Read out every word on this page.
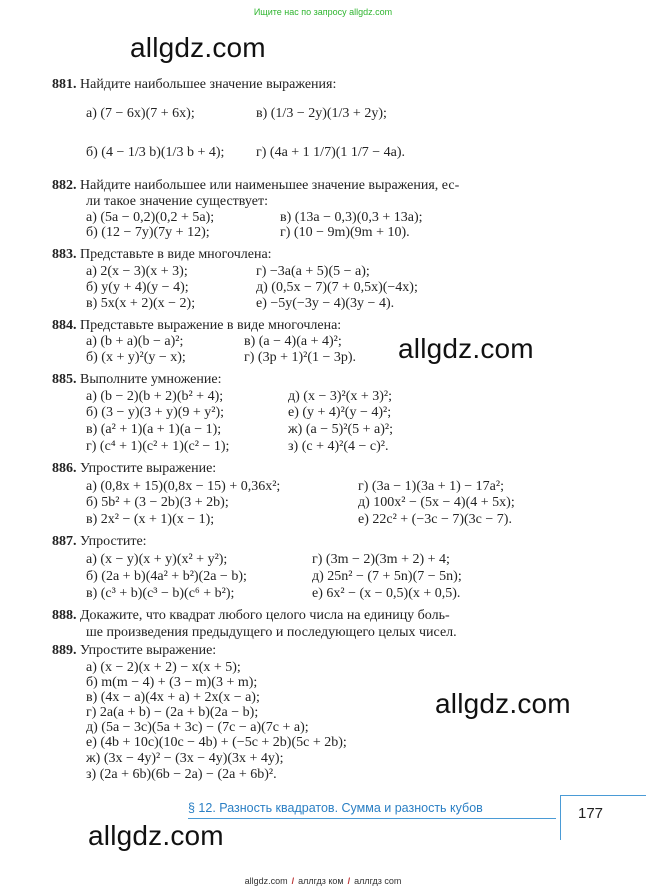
Ищите нас по запросу allgdz.com
allgdz.com
allgdz.com
allgdz.com
allgdz.com
881. Найдите наибольшее значение выражения:
а) (7 − 6x)(7 + 6x);	в) (1/3 − 2y)(1/3 + 2y);
б) (4 − 1/3 b)(1/3 b + 4); г) (4a + 1 1/7)(1 1/7 − 4a).
882. Найдите наибольшее или наименьшее значение выражения, ес-
ли такое значение существует:
а) (5a − 0,2)(0,2 + 5a);	в) (13a − 0,3)(0,3 + 13a);
б) (12 − 7y)(7y + 12);	г) (10 − 9m)(9m + 10).
883. Представьте в виде многочлена:
а) 2(x − 3)(x + 3);	г) −3a(a + 5)(5 − a);
б) y(y + 4)(y − 4);	д) (0,5x − 7)(7 + 0,5x)(−4x);
в) 5x(x + 2)(x − 2);	е) −5y(−3y − 4)(3y − 4).
884. Представьте выражение в виде многочлена:
а) (b + a)(b − a)²;	в) (a − 4)(a + 4)²;
б) (x + y)²(y − x);	г) (3p + 1)²(1 − 3p).
885. Выполните умножение:
а) (b − 2)(b + 2)(b² + 4);	д) (x − 3)²(x + 3)²;
б) (3 − y)(3 + y)(9 + y²);	е) (y + 4)²(y − 4)²;
в) (a² + 1)(a + 1)(a − 1);	ж) (a − 5)²(5 + a)²;
г) (c⁴ + 1)(c² + 1)(c² − 1);	з) (c + 4)²(4 − c)².
886. Упростите выражение:
а) (0,8x + 15)(0,8x − 15) + 0,36x²;	г) (3a − 1)(3a + 1) − 17a²;
б) 5b² + (3 − 2b)(3 + 2b);	д) 100x² − (5x − 4)(4 + 5x);
в) 2x² − (x + 1)(x − 1);	е) 22c² + (−3c − 7)(3c − 7).
887. Упростите:
а) (x − y)(x + y)(x² + y²);	г) (3m − 2)(3m + 2) + 4;
б) (2a + b)(4a² + b²)(2a − b);	д) 25n² − (7 + 5n)(7 − 5n);
в) (c³ + b)(c³ − b)(c⁶ + b²);	е) 6x² − (x − 0,5)(x + 0,5).
888. Докажите, что квадрат любого целого числа на единицу боль-
ше произведения предыдущего и последующего целых чисел.
889. Упростите выражение:
а) (x − 2)(x + 2) − x(x + 5);
б) m(m − 4) + (3 − m)(3 + m);
в) (4x − a)(4x + a) + 2x(x − a);
г) 2a(a + b) − (2a + b)(2a − b);
д) (5a − 3c)(5a + 3c) − (7c − a)(7c + a);
е) (4b + 10c)(10c − 4b) + (−5c + 2b)(5c + 2b);
ж) (3x − 4y)² − (3x − 4y)(3x + 4y);
з) (2a + 6b)(6b − 2a) − (2a + 6b)².
§ 12. Разность квадратов. Сумма и разность кубов	177
allgdz.com / аллгдз ком / аллгдз com
